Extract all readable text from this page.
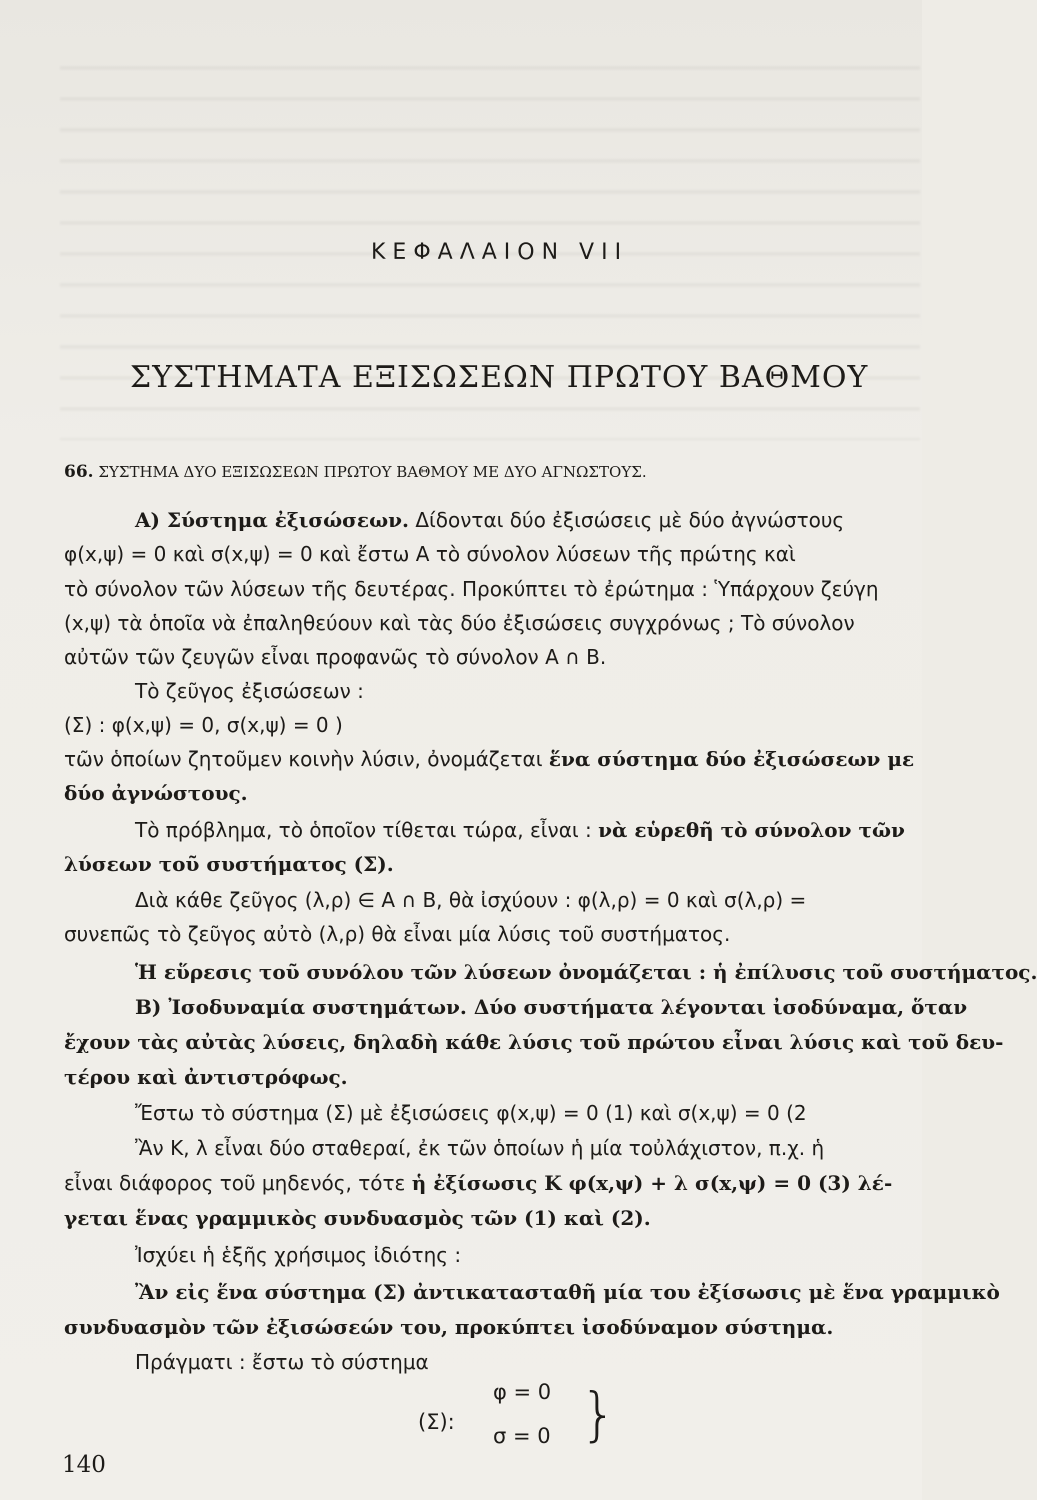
ΚΕΦΑΛΑΙΟΝ VII
ΣΥΣΤΗΜΑΤΑ ΕΞΙΣΩΣΕΩΝ ΠΡΩΤΟΥ ΒΑΘΜΟΥ
66. ΣΥΣΤΗΜΑ ΔΥΟ ΕΞΙΣΩΣΕΩΝ ΠΡΩΤΟΥ ΒΑΘΜΟΥ ΜΕ ΔΥΟ ΑΓΝΩΣΤΟΥΣ.
Α) Σύστημα ἐξισώσεων. Δίδονται δύο ἐξισώσεις μὲ δύο ἀγνώστους
φ(x,ψ) = 0 καὶ σ(x,ψ) = 0 καὶ ἔστω Α τὸ σύνολον λύσεων τῆς πρώτης καὶ
τὸ σύνολον τῶν λύσεων τῆς δευτέρας. Προκύπτει τὸ ἐρώτημα : Ὑπάρχουν ζεύγη
(x,ψ) τὰ ὁποῖα νὰ ἐπαληθεύουν καὶ τὰς δύο ἐξισώσεις συγχρόνως ; Τὸ σύνολον
αὐτῶν τῶν ζευγῶν εἶναι προφανῶς τὸ σύνολον Α ∩ Β.
Τὸ ζεῦγος ἐξισώσεων :
(Σ) : φ(x,ψ) = 0, σ(x,ψ) = 0 )
τῶν ὁποίων ζητοῦμεν κοινὴν λύσιν, ὀνομάζεται ἕνα σύστημα δύο ἐξισώσεων με
δύο ἀγνώστους.
Τὸ πρόβλημα, τὸ ὁποῖον τίθεται τώρα, εἶναι : νὰ εὑρεθῆ τὸ σύνολον τῶν
λύσεων τοῦ συστήματος (Σ).
Διὰ κάθε ζεῦγος (λ,ρ) ∈ Α ∩ Β, θὰ ἰσχύουν : φ(λ,ρ) = 0 καὶ σ(λ,ρ) =
συνεπῶς τὸ ζεῦγος αὐτὸ (λ,ρ) θὰ εἶναι μία λύσις τοῦ συστήματος.
Ἡ εὕρεσις τοῦ συνόλου τῶν λύσεων ὀνομάζεται : ἡ ἐπίλυσις τοῦ συστήματος.
Β) Ἰσοδυναμία συστημάτων. Δύο συστήματα λέγονται ἰσοδύναμα, ὅταν
ἔχουν τὰς αὐτὰς λύσεις, δηλαδὴ κάθε λύσις τοῦ πρώτου εἶναι λύσις καὶ τοῦ δευ-
τέρου καὶ ἀντιστρόφως.
Ἔστω τὸ σύστημα (Σ) μὲ ἐξισώσεις φ(x,ψ) = 0 (1) καὶ σ(x,ψ) = 0 (2
Ἂν Κ, λ εἶναι δύο σταθεραί, ἐκ τῶν ὁποίων ἡ μία τοὐλάχιστον, π.χ. ἡ
εἶναι διάφορος τοῦ μηδενός, τότε ἡ ἐξίσωσις Κ φ(x,ψ) + λ σ(x,ψ) = 0 (3) λέ-
γεται ἕνας γραμμικὸς συνδυασμὸς τῶν (1) καὶ (2).
Ἰσχύει ἡ ἑξῆς χρήσιμος ἰδιότης :
Ἂν εἰς ἕνα σύστημα (Σ) ἀντικατασταθῆ μία του ἐξίσωσις μὲ ἕνα γραμμικὸ
συνδυασμὸν τῶν ἐξισώσεών του, προκύπτει ἰσοδύναμον σύστημα.
Πράγματι : ἔστω τὸ σύστημα
(Σ):
φ = 0
σ = 0 }
140
